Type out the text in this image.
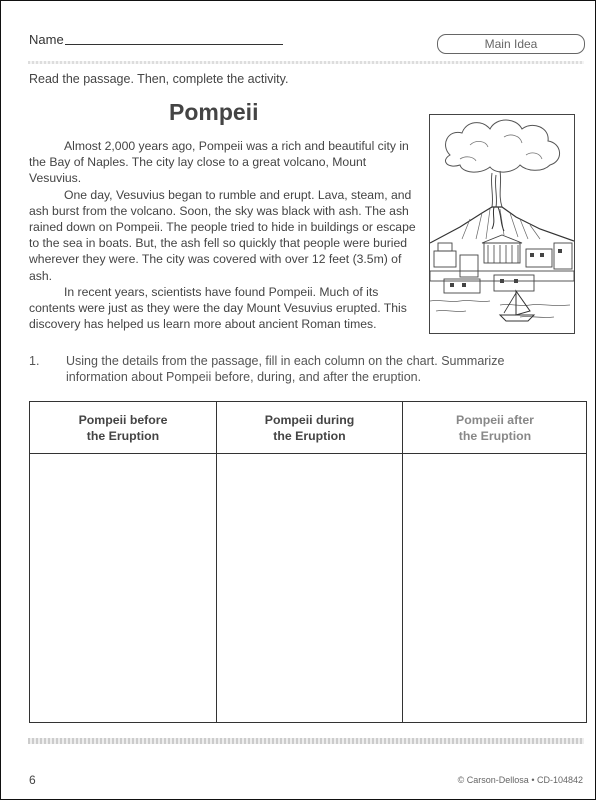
Name	Main Idea
Read the passage. Then, complete the activity.
Pompeii

Almost 2,000 years ago, Pompeii was a rich and beautiful city in the Bay of Naples. The city lay close to a great volcano, Mount Vesuvius.

One day, Vesuvius began to rumble and erupt. Lava, steam, and ash burst from the volcano. Soon, the sky was black with ash. The ash rained down on Pompeii. The people tried to hide in buildings or escape to the sea in boats. But, the ash fell so quickly that people were buried wherever they were. The city was covered with over 12 feet (3.5m) of ash.

In recent years, scientists have found Pompeii. Much of its contents were just as they were the day Mount Vesuvius erupted. This discovery has helped us learn more about ancient Roman times.

1. Using the details from the passage, fill in each column on the chart. Summarize information about Pompeii before, during, and after the eruption.
Pompeii before
the Eruption
Pompeii during
the Eruption
Pompeii after
the Eruption
6	© Carson-Dellosa • CD-104842
